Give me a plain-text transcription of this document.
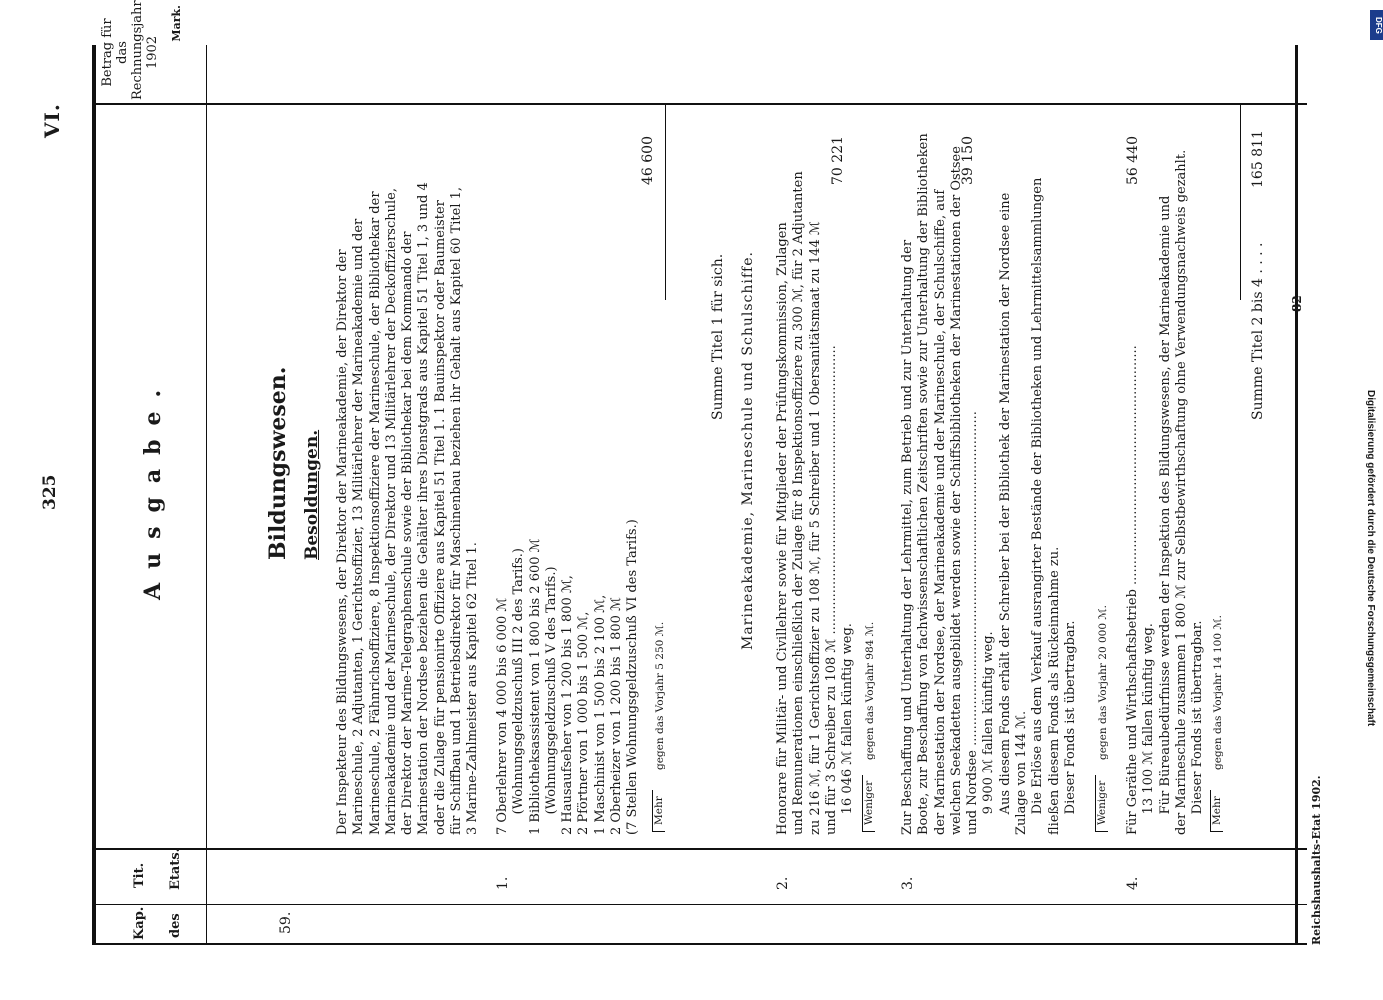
325
VI.
Kap.
Tit.
des
Etats.
Ausgabe.
Betrag für das Rechnungsjahr 1902
Mark.
59.
Bildungswesen. Besoldungen.
Der Inspekteur des Bildungswesens, der Direktor der Marineakademie, der Direktor der
Marineschule, 2 Adjutanten, 1 Gerichtsoffizier, 13 Militärlehrer der Marineakademie und der
Marineschule, 2 Fähnrichsoffiziere, 8 Inspektionsoffiziere der Marineschule, der Bibliothekar der
Marineakademie und der Marineschule, der Direktor und 13 Militärlehrer der Deckoffizierschule,
der Direktor der Marine-Telegraphenschule sowie der Bibliothekar bei dem Kommando der
Marinestation der Nordsee beziehen die Gehälter ihres Dienstgrads aus Kapitel 51 Titel 1, 3 und 4
oder die Zulage für pensionirte Offiziere aus Kapitel 51 Titel 1. 1 Bauinspektor oder Baumeister
für Schiffbau und 1 Betriebsdirektor für Maschinenbau beziehen ihr Gehalt aus Kapitel 60 Titel 1,
3 Marine-Zahlmeister aus Kapitel 62 Titel 1.
1.
7 Oberlehrer von 4 000 bis 6 000 ℳ
(Wohnungsgeldzuschuß III 2 des Tarifs.)
1 Bibliotheksassistent von 1 800 bis 2 600 ℳ
(Wohnungsgeldzuschuß V des Tarifs.)
2 Hausaufseher von 1 200 bis 1 800 ℳ,
2 Pförtner von 1 000 bis 1 500 ℳ,
1 Maschinist von 1 500 bis 2 100 ℳ,
2 Oberheizer von 1 200 bis 1 800 ℳ
(7 Stellen Wohnungsgeldzuschuß VI des Tarifs.)
Mehr
gegen das Vorjahr 5 250 ℳ.
46 600
Summe Titel 1 für sich. Marineakademie, Marineschule und Schulschiffe.
2.
Honorare für Militär- und Civillehrer sowie für Mitglieder der Prüfungskommission, Zulagen
und Remunerationen einschließlich der Zulage für 8 Inspektionsoffiziere zu 300 ℳ, für 2 Adjutanten
zu 216 ℳ, für 1 Gerichtsoffizier zu 108 ℳ, für 5 Schreiber und 1 Obersanitätsmaat zu 144 ℳ
und für 3 Schreiber zu 108 ℳ ......................................................................
16 046 ℳ fallen künftig weg.
Weniger
gegen das Vorjahr 984 ℳ.
70 221
3.
Zur Beschaffung und Unterhaltung der Lehrmittel, zum Betrieb und zur Unterhaltung der
Boote, zur Beschaffung von fachwissenschaftlichen Zeitschriften sowie zur Unterhaltung der Bibliotheken
der Marinestation der Nordsee, der Marineakademie und der Marineschule, der Schulschiffe, auf
welchen Seekadetten ausgebildet werden sowie der Schiffsbibliotheken der Marinestationen der Ostsee
und Nordsee .................................................................................
9 900 ℳ fallen künftig weg.
Aus diesem Fonds erhält der Schreiber bei der Bibliothek der Marinestation der Nordsee eine
Zulage von 144 ℳ.
Die Erlöse aus dem Verkauf ausrangirter Bestände der Bibliotheken und Lehrmittelsammlungen
fließen diesem Fonds als Rückeinnahme zu.
Dieser Fonds ist übertragbar.
Weniger
gegen das Vorjahr 20 000 ℳ.
39 150
4.
Für Geräthe und Wirthschaftsbetrieb ..........................................................
13 100 ℳ fallen künftig weg.
Für Büreaubedürfnisse werden der Inspektion des Bildungswesens, der Marineakademie und
der Marineschule zusammen 1 800 ℳ zur Selbstbewirthschaftung ohne Verwendungsnachweis gezahlt.
Dieser Fonds ist übertragbar.
Mehr
gegen das Vorjahr 14 100 ℳ.
56 440
Summe Titel 2 bis 4 . . . .
165 811
Reichshaushalts-Etat 1902.
82
DFG
Digitalisierung gefördert durch die Deutsche Forschungsgemeinschaft
